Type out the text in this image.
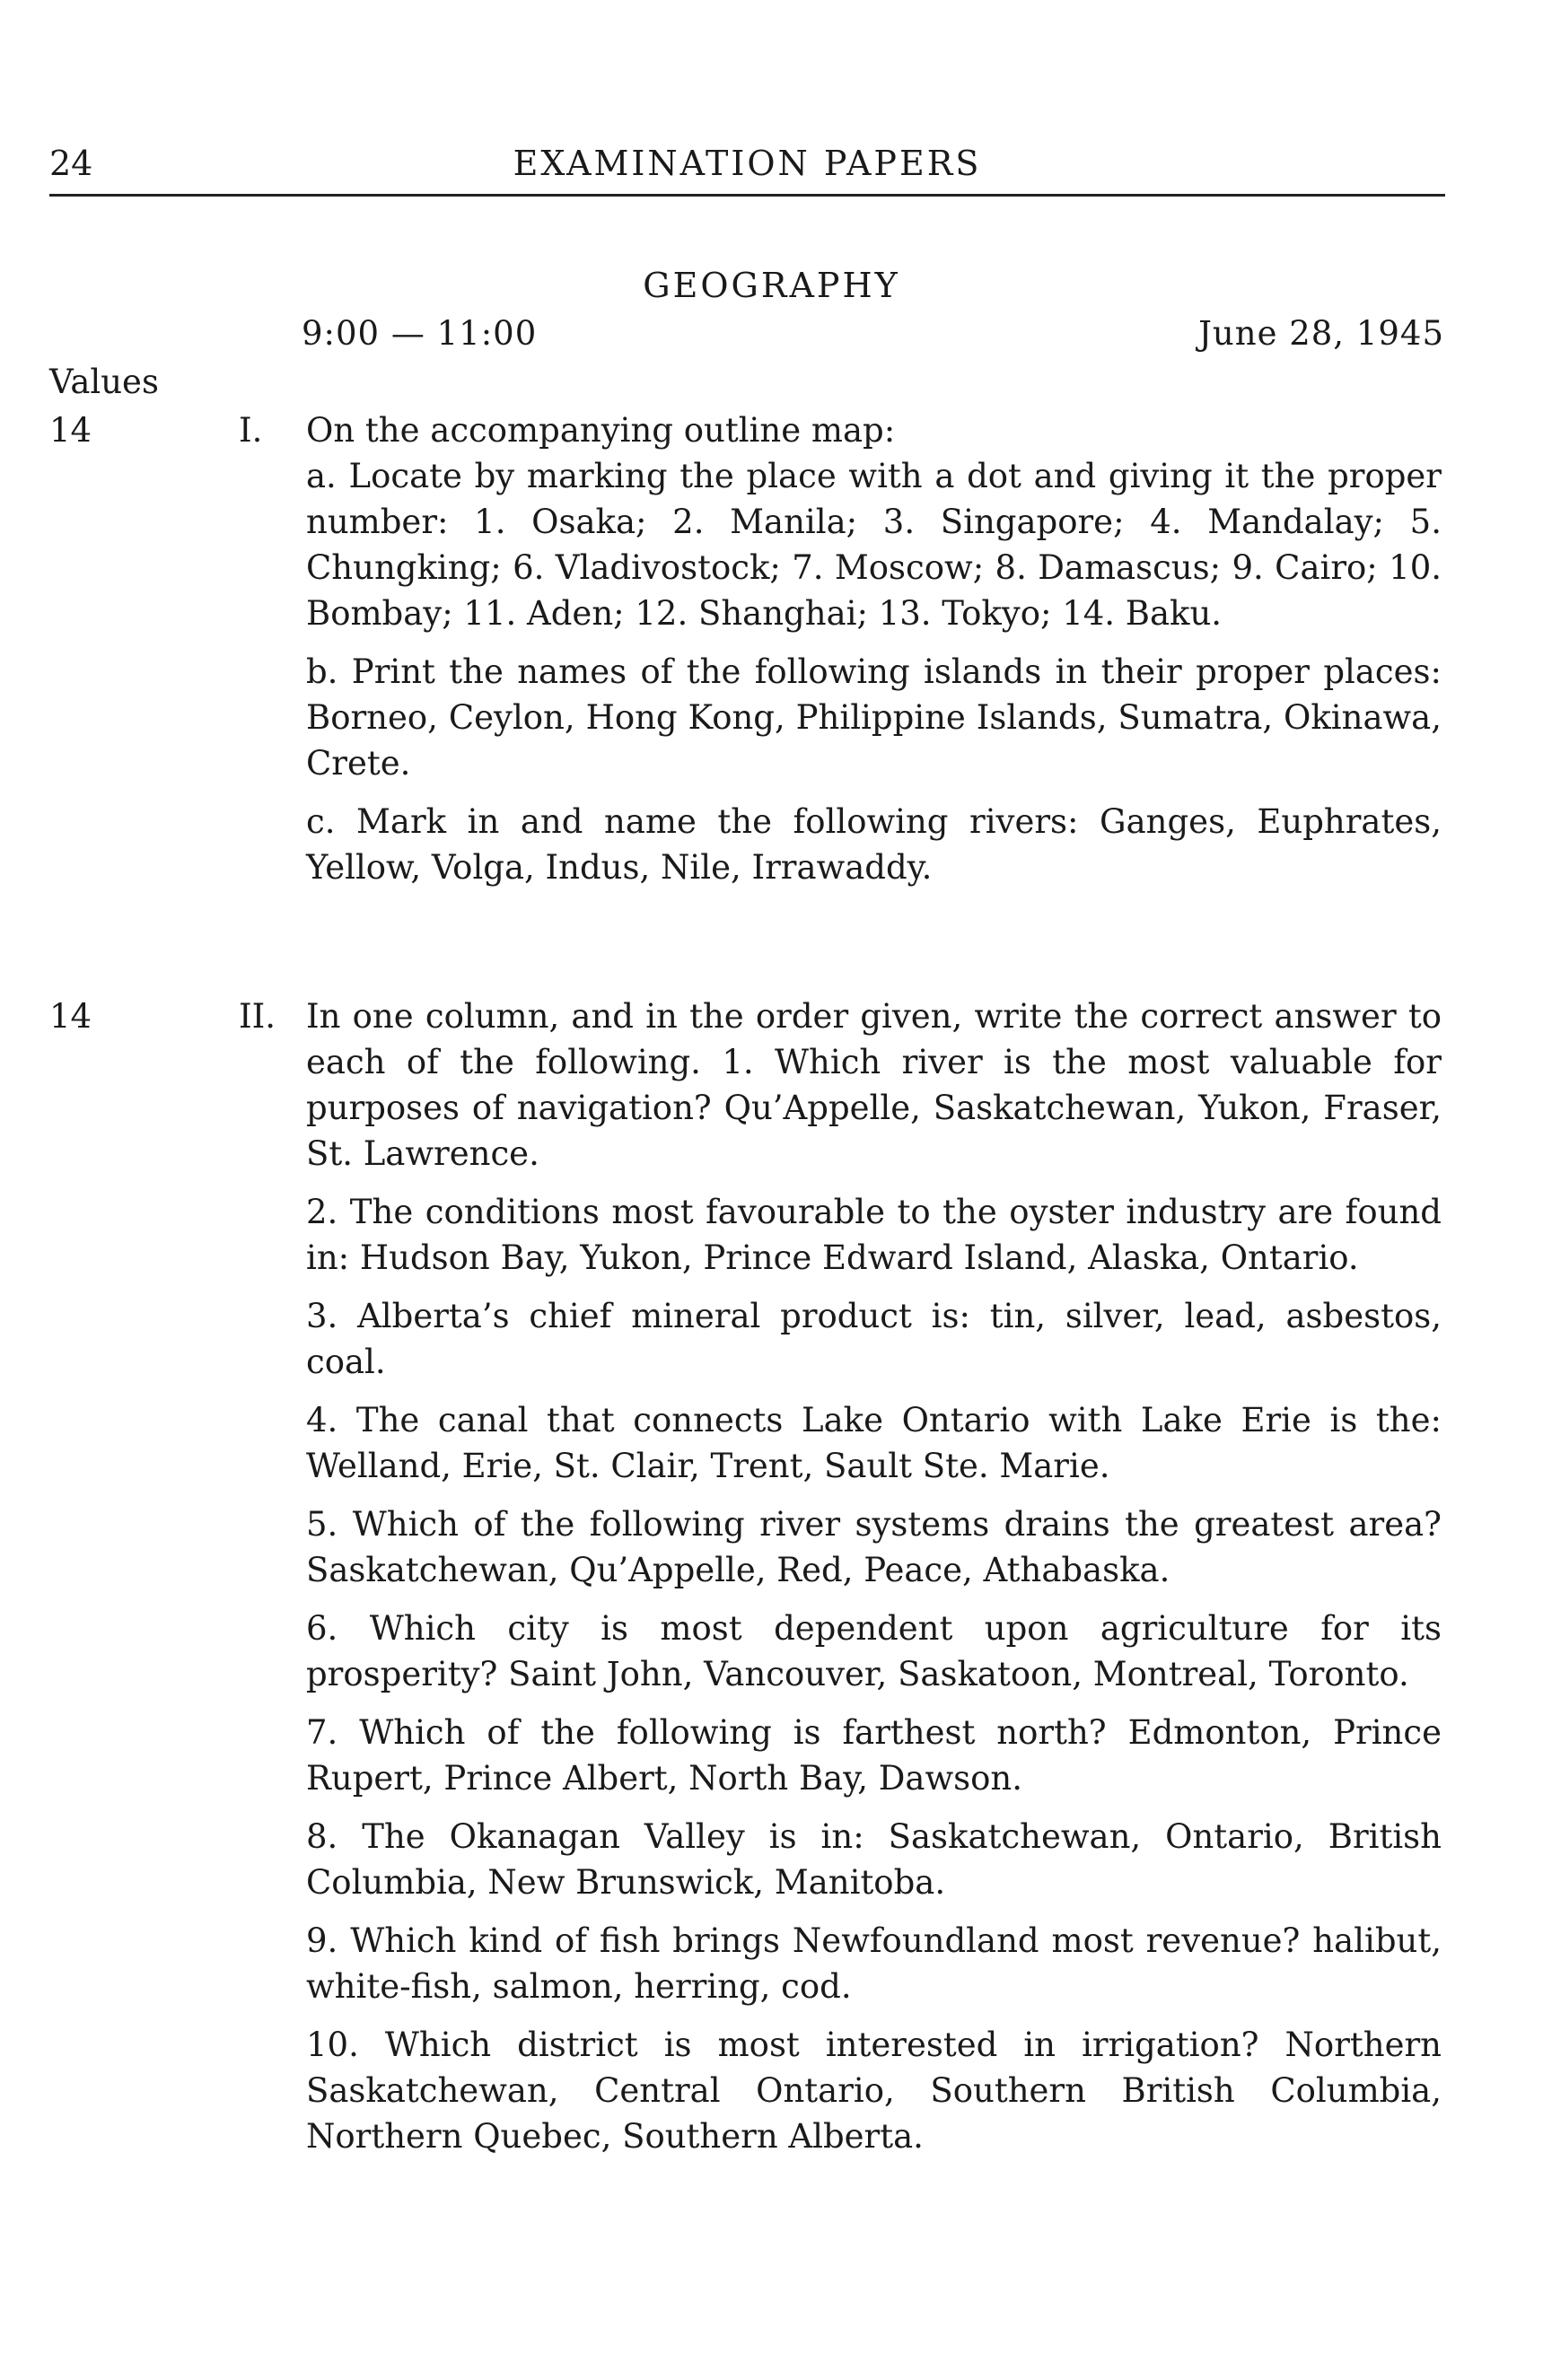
24	EXAMINATION PAPERS
GEOGRAPHY
9:00 — 11:00	June 28, 1945
Values
14	I. On the accompanying outline map:

a. Locate by marking the place with a dot and giving it the proper number: 1. Osaka; 2. Manila; 3. Singapore; 4. Mandalay; 5. Chungking; 6. Vladivostock; 7. Moscow; 8. Damascus; 9. Cairo; 10. Bombay; 11. Aden; 12. Shanghai; 13. Tokyo; 14. Baku.

b. Print the names of the following islands in their proper places: Borneo, Ceylon, Hong Kong, Philippine Islands, Sumatra, Okinawa, Crete.

c. Mark in and name the following rivers: Ganges, Euphrates, Yellow, Volga, Indus, Nile, Irrawaddy.

14	II. In one column, and in the order given, write the correct answer to each of the following. 1. Which river is the most valuable for purposes of navigation? Qu’Appelle, Saskatchewan, Yukon, Fraser, St. Lawrence.

2. The conditions most favourable to the oyster industry are found in: Hudson Bay, Yukon, Prince Edward Island, Alaska, Ontario.

3. Alberta’s chief mineral product is: tin, silver, lead, asbestos, coal.

4. The canal that connects Lake Ontario with Lake Erie is the: Welland, Erie, St. Clair, Trent, Sault Ste. Marie.

5. Which of the following river systems drains the greatest area? Saskatchewan, Qu’Appelle, Red, Peace, Athabaska.

6. Which city is most dependent upon agriculture for its prosperity? Saint John, Vancouver, Saskatoon, Montreal, Toronto.

7. Which of the following is farthest north? Edmonton, Prince Rupert, Prince Albert, North Bay, Dawson.

8. The Okanagan Valley is in: Saskatchewan, Ontario, British Columbia, New Brunswick, Manitoba.

9. Which kind of fish brings Newfoundland most revenue? halibut, white-fish, salmon, herring, cod.

10. Which district is most interested in irrigation? Northern Saskatchewan, Central Ontario, Southern British Columbia, Northern Quebec, Southern Alberta.
